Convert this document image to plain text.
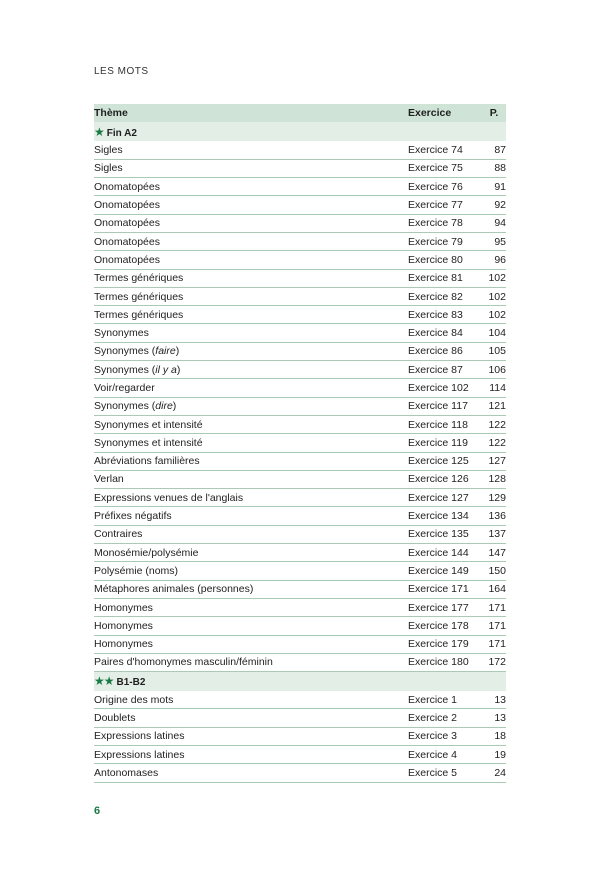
LES MOTS
Thème	Exercice	P.
★ Fin A2		
Sigles	Exercice 74	87
Sigles	Exercice 75	88
Onomatopées	Exercice 76	91
Onomatopées	Exercice 77	92
Onomatopées	Exercice 78	94
Onomatopées	Exercice 79	95
Onomatopées	Exercice 80	96
Termes génériques	Exercice 81	102
Termes génériques	Exercice 82	102
Termes génériques	Exercice 83	102
Synonymes	Exercice 84	104
Synonymes (faire)	Exercice 86	105
Synonymes (il y a)	Exercice 87	106
Voir/regarder	Exercice 102	114
Synonymes (dire)	Exercice 117	121
Synonymes et intensité	Exercice 118	122
Synonymes et intensité	Exercice 119	122
Abréviations familières	Exercice 125	127
Verlan	Exercice 126	128
Expressions venues de l'anglais	Exercice 127	129
Préfixes négatifs	Exercice 134	136
Contraires	Exercice 135	137
Monosémie/polysémie	Exercice 144	147
Polysémie (noms)	Exercice 149	150
Métaphores animales (personnes)	Exercice 171	164
Homonymes	Exercice 177	171
Homonymes	Exercice 178	171
Homonymes	Exercice 179	171
Paires d'homonymes masculin/féminin	Exercice 180	172
★★ B1-B2		
Origine des mots	Exercice 1	13
Doublets	Exercice 2	13
Expressions latines	Exercice 3	18
Expressions latines	Exercice 4	19
Antonomases	Exercice 5	24
6
